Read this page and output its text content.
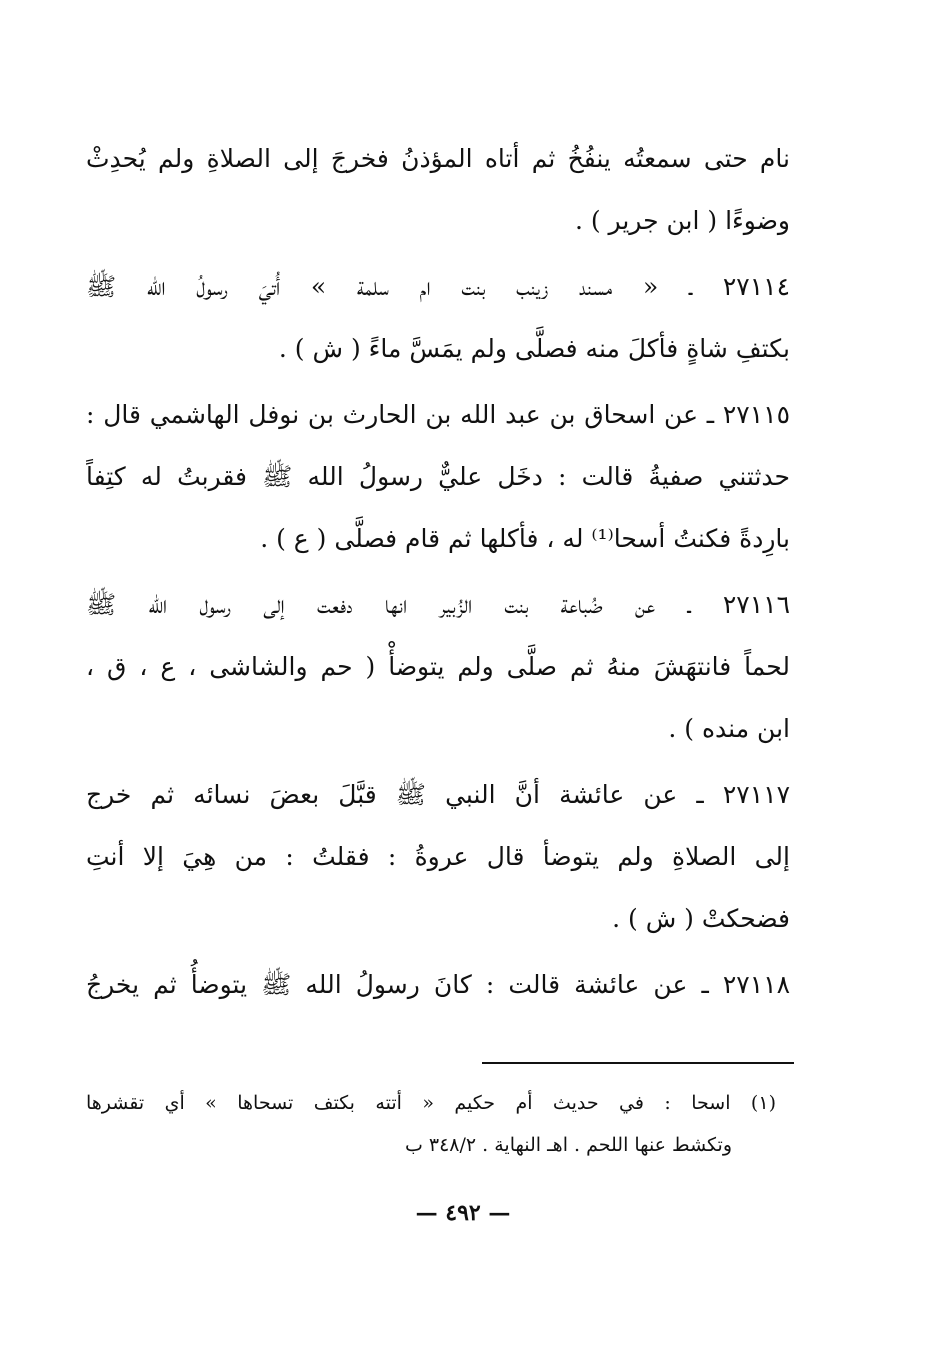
نام حتى سمعتُه ينفُخُ ثم أتاه المؤذنُ فخرجَ إلى الصلاةِ ولم يُحدِثْ
وضوءًا ( ابن جرير ) .
٢٧١١٤ ـ « مسند زينب بنت ام سلمة » أُتيَ رسولُ الله ﷺ
بكتفِ شاةٍ فأكلَ منه فصلَّى ولم يمَسَّ ماءً ( ش ) .
٢٧١١٥ ـ عن اسحاق بن عبد الله بن الحارث بن نوفل الهاشمي قال :
حدثتني صفيةُ قالت : دخَل عليٌّ رسولُ الله ﷺ فقربتُ له كتِفاً
بارِدةً فكنتُ أسحا⁽¹⁾ له ، فأكلها ثم قام فصلَّى ( ع ) .
٢٧١١٦ ـ عن ضُباعة بنت الزُبير انها دفعت إلى رسول الله ﷺ
لحماً فانتهَشَ منهُ ثم صلَّى ولم يتوضأْ ( حم والشاشى ، ع ، ق ،
ابن منده ) .
٢٧١١٧ ـ عن عائشة أنَّ النبي ﷺ قبَّلَ بعضَ نسائه ثم خرج
إلى الصلاةِ ولم يتوضأ قال عروةُ : فقلتُ : من هِيَ إلا أنتِ
فضحكتْ ( ش ) .
٢٧١١٨ ـ عن عائشة قالت : كانَ رسولُ الله ﷺ يتوضأُ ثم يخرجُ
(١) اسحا : في حديث أم حكيم « أتته بكتف تسحاها » أي تقشرها
وتكشط عنها اللحم . اهـ النهاية . ٣٤٨/٢ ب
— ٤٩٢ —
